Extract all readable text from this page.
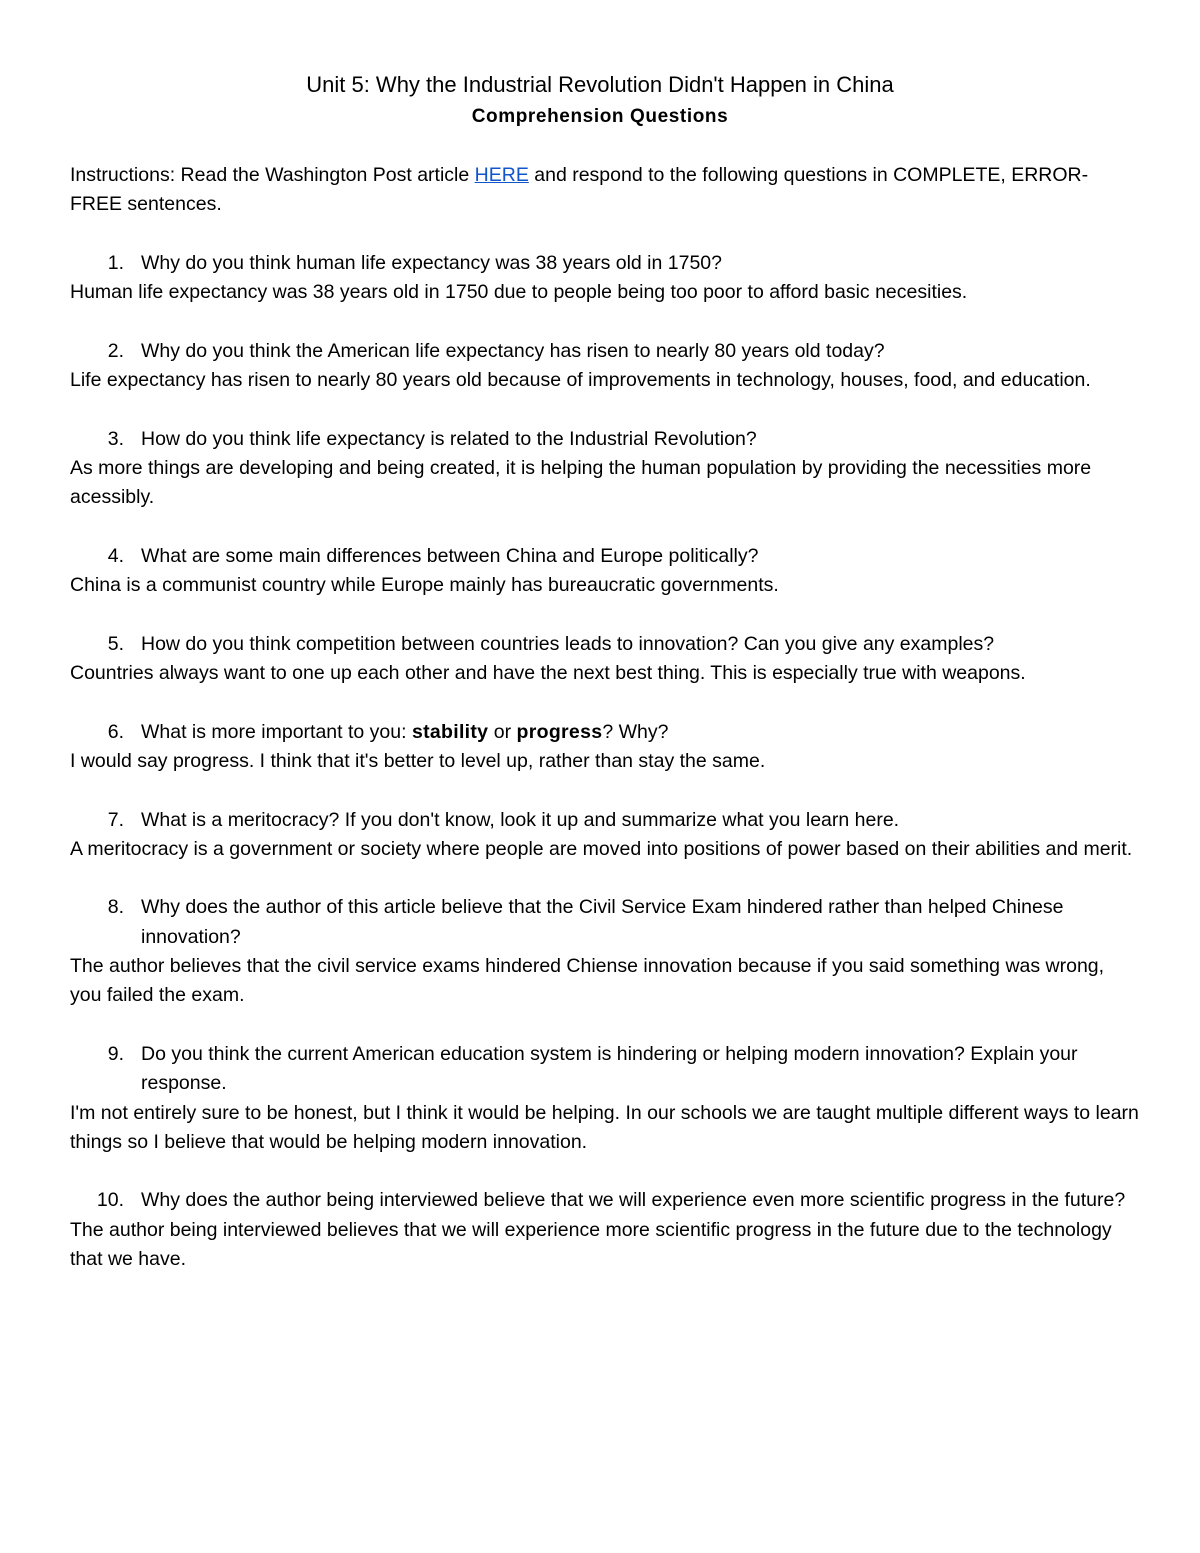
Unit 5: Why the Industrial Revolution Didn't Happen in China
Comprehension Questions

Instructions: Read the Washington Post article HERE and respond to the following questions in COMPLETE, ERROR-FREE sentences.

1. Why do you think human life expectancy was 38 years old in 1750?
Human life expectancy was 38 years old in 1750 due to people being too poor to afford basic necesities.
2. Why do you think the American life expectancy has risen to nearly 80 years old today?
Life expectancy has risen to nearly 80 years old because of improvements in technology, houses, food, and education.
3. How do you think life expectancy is related to the Industrial Revolution?
As more things are developing and being created, it is helping the human population by providing the necessities more acessibly.
4. What are some main differences between China and Europe politically?
China is a communist country while Europe mainly has bureaucratic governments.
5. How do you think competition between countries leads to innovation? Can you give any examples?
Countries always want to one up each other and have the next best thing. This is especially true with weapons.
6. What is more important to you: stability or progress? Why?
I would say progress. I think that it's better to level up, rather than stay the same.
7. What is a meritocracy? If you don't know, look it up and summarize what you learn here.
A meritocracy is a government or society where people are moved into positions of power based on their abilities and merit.
8. Why does the author of this article believe that the Civil Service Exam hindered rather than helped Chinese innovation?
The author believes that the civil service exams hindered Chiense innovation because if you said something was wrong, you failed the exam.
9. Do you think the current American education system is hindering or helping modern innovation? Explain your response.
I'm not entirely sure to be honest, but I think it would be helping. In our schools we are taught multiple different ways to learn things so I believe that would be helping modern innovation.
10. Why does the author being interviewed believe that we will experience even more scientific progress in the future?
The author being interviewed believes that we will experience more scientific progress in the future due to the technology that we have.
